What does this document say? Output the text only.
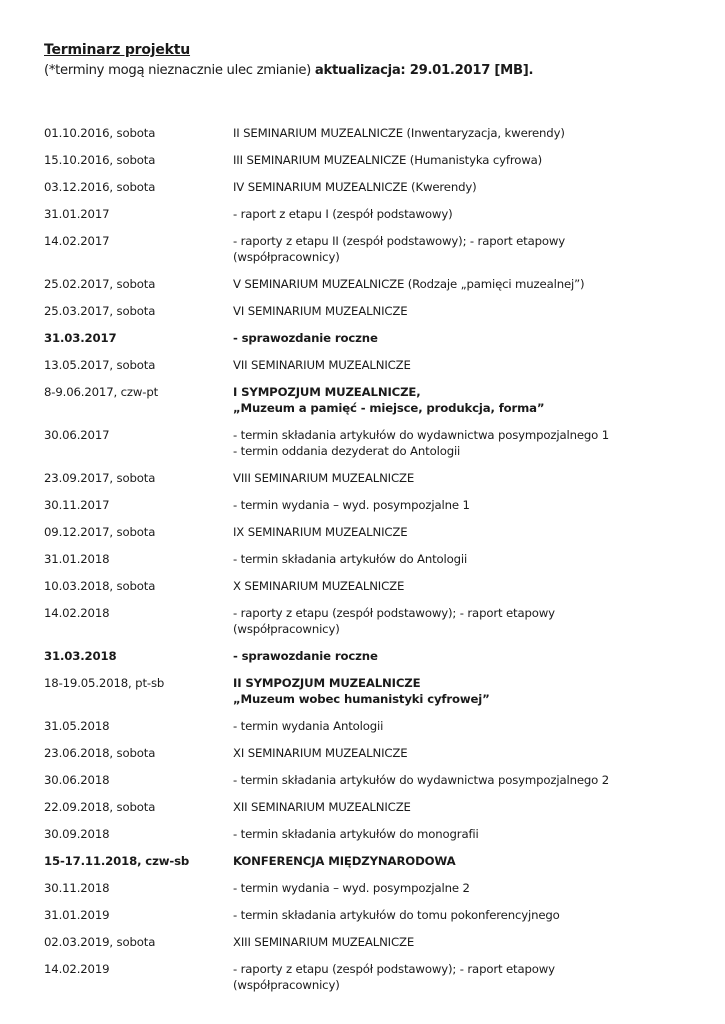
Terminarz projektu
(*terminy mogą nieznacznie ulec zmianie) aktualizacja: 29.01.2017 [MB].
01.10.2016, sobota	II SEMINARIUM MUZEALNICZE (Inwentaryzacja, kwerendy)
15.10.2016, sobota	III SEMINARIUM MUZEALNICZE (Humanistyka cyfrowa)
03.12.2016, sobota	IV SEMINARIUM MUZEALNICZE (Kwerendy)
31.01.2017	- raport z etapu I (zespół podstawowy)
14.02.2017	- raporty z etapu II (zespół podstawowy); - raport etapowy
(współpracownicy)
25.02.2017, sobota	V SEMINARIUM MUZEALNICZE (Rodzaje „pamięci muzealnej”)
25.03.2017, sobota	VI SEMINARIUM MUZEALNICZE
31.03.2017	- sprawozdanie roczne
13.05.2017, sobota	VII SEMINARIUM MUZEALNICZE
8-9.06.2017, czw-pt	I SYMPOZJUM MUZEALNICZE,
„Muzeum a pamięć - miejsce, produkcja, forma”
30.06.2017	- termin składania artykułów do wydawnictwa posympozjalnego 1
- termin oddania dezyderat do Antologii
23.09.2017, sobota	VIII SEMINARIUM MUZEALNICZE
30.11.2017	- termin wydania – wyd. posympozjalne 1
09.12.2017, sobota	IX SEMINARIUM MUZEALNICZE
31.01.2018	- termin składania artykułów do Antologii
10.03.2018, sobota	X SEMINARIUM MUZEALNICZE
14.02.2018	- raporty z etapu (zespół podstawowy); - raport etapowy
(współpracownicy)
31.03.2018	- sprawozdanie roczne
18-19.05.2018, pt-sb	II SYMPOZJUM MUZEALNICZE
„Muzeum wobec humanistyki cyfrowej”
31.05.2018	- termin wydania Antologii
23.06.2018, sobota	XI SEMINARIUM MUZEALNICZE
30.06.2018	- termin składania artykułów do wydawnictwa posympozjalnego 2
22.09.2018, sobota	XII SEMINARIUM MUZEALNICZE
30.09.2018	- termin składania artykułów do monografii
15-17.11.2018, czw-sb	KONFERENCJA MIĘDZYNARODOWA
30.11.2018	- termin wydania – wyd. posympozjalne 2
31.01.2019	- termin składania artykułów do tomu pokonferencyjnego
02.03.2019, sobota	XIII SEMINARIUM MUZEALNICZE
14.02.2019	- raporty z etapu (zespół podstawowy); - raport etapowy
(współpracownicy)
